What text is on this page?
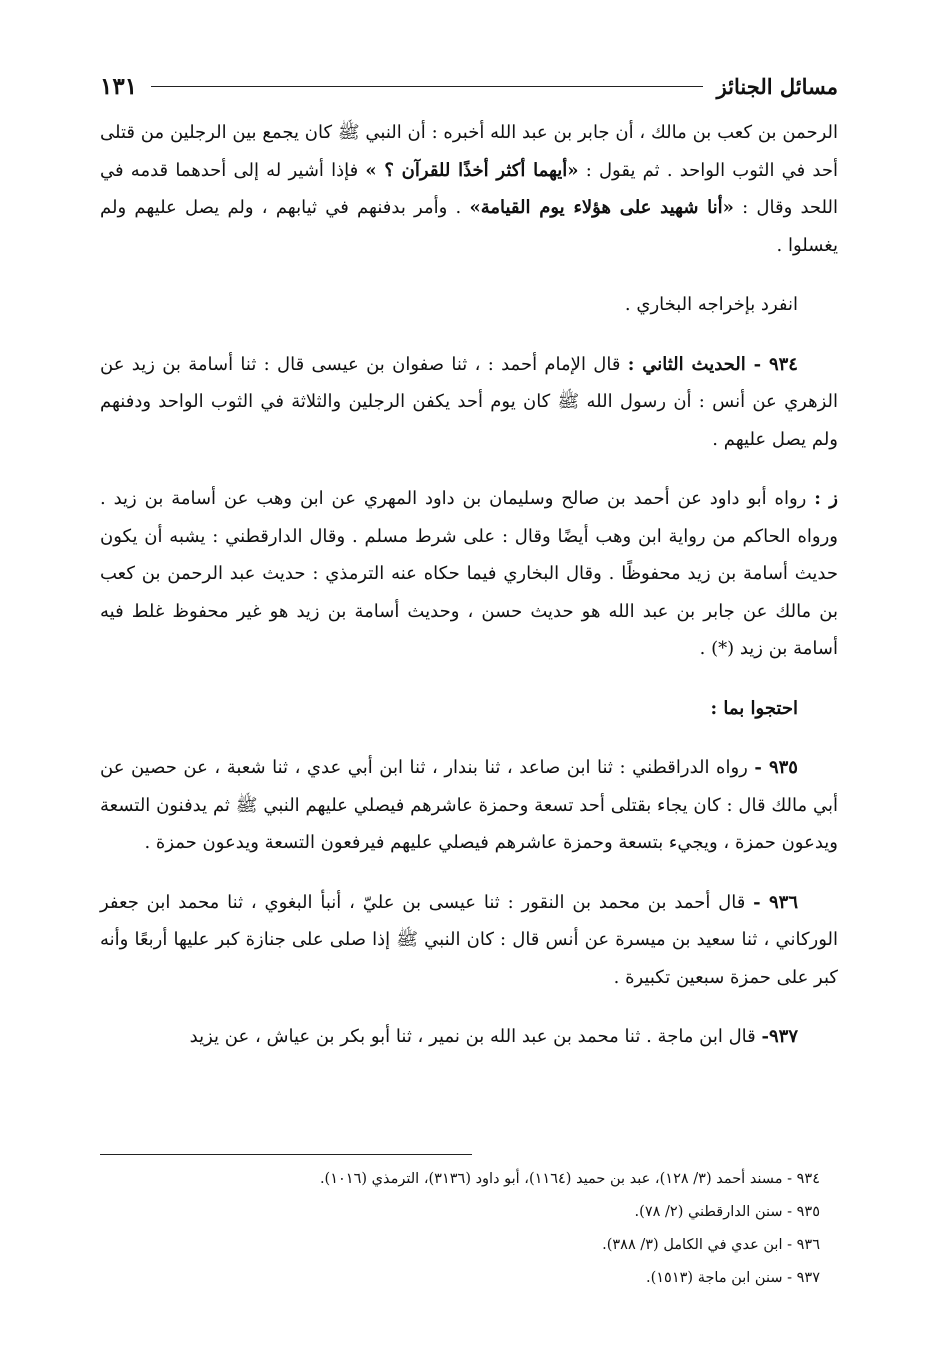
مسائل الجنائز
١٣١

الرحمن بن كعب بن مالك ، أن جابر بن عبد الله أخبره : أن النبي ﷺ كان يجمع بين الرجلين من قتلى أحد في الثوب الواحد . ثم يقول : «أيهما أكثر أخذًا للقرآن ؟ » فإذا أشير له إلى أحدهما قدمه في اللحد وقال : «أنا شهيد على هؤلاء يوم القيامة» . وأمر بدفنهم في ثيابهم ، ولم يصل عليهم ولم يغسلوا .

انفرد بإخراجه البخاري .

٩٣٤ - الحديث الثاني : قال الإمام أحمد : ، ثنا صفوان بن عيسى قال : ثنا أسامة بن زيد عن الزهري عن أنس : أن رسول الله ﷺ كان يوم أحد يكفن الرجلين والثلاثة في الثوب الواحد ودفنهم ولم يصل عليهم .

ز : رواه أبو داود عن أحمد بن صالح وسليمان بن داود المهري عن ابن وهب عن أسامة بن زيد . ورواه الحاكم من رواية ابن وهب أيضًا وقال : على شرط مسلم . وقال الدارقطني : يشبه أن يكون حديث أسامة بن زيد محفوظًا . وقال البخاري فيما حكاه عنه الترمذي : حديث عبد الرحمن بن كعب بن مالك عن جابر بن عبد الله هو حديث حسن ، وحديث أسامة بن زيد هو غير محفوظ غلط فيه أسامة بن زيد (*) .

احتجوا بما :

٩٣٥ - رواه الدراقطني : ثنا ابن صاعد ، ثنا بندار ، ثنا ابن أبي عدي ، ثنا شعبة ، عن حصين عن أبي مالك قال : كان يجاء بقتلى أحد تسعة وحمزة عاشرهم فيصلي عليهم النبي ﷺ ثم يدفنون التسعة ويدعون حمزة ، ويجيء بتسعة وحمزة عاشرهم فيصلي عليهم فيرفعون التسعة ويدعون حمزة .

٩٣٦ - قال أحمد بن محمد بن النقور : ثنا عيسى بن عليّ ، أنبأ البغوي ، ثنا محمد ابن جعفر الوركاني ، ثنا سعيد بن ميسرة عن أنس قال : كان النبي ﷺ إذا صلى على جنازة كبر عليها أربعًا وأنه كبر على حمزة سبعين تكبيرة .

٩٣٧- قال ابن ماجة . ثنا محمد بن عبد الله بن نمير ، ثنا أبو بكر بن عياش ، عن يزيد

٩٣٤ - مسند أحمد (٣/ ١٢٨)، عبد بن حميد (١١٦٤)، أبو داود (٣١٣٦)، الترمذي (١٠١٦).
٩٣٥ - سنن الدارقطني (٢/ ٧٨).
٩٣٦ - ابن عدي في الكامل (٣/ ٣٨٨).
٩٣٧ - سنن ابن ماجة (١٥١٣).
